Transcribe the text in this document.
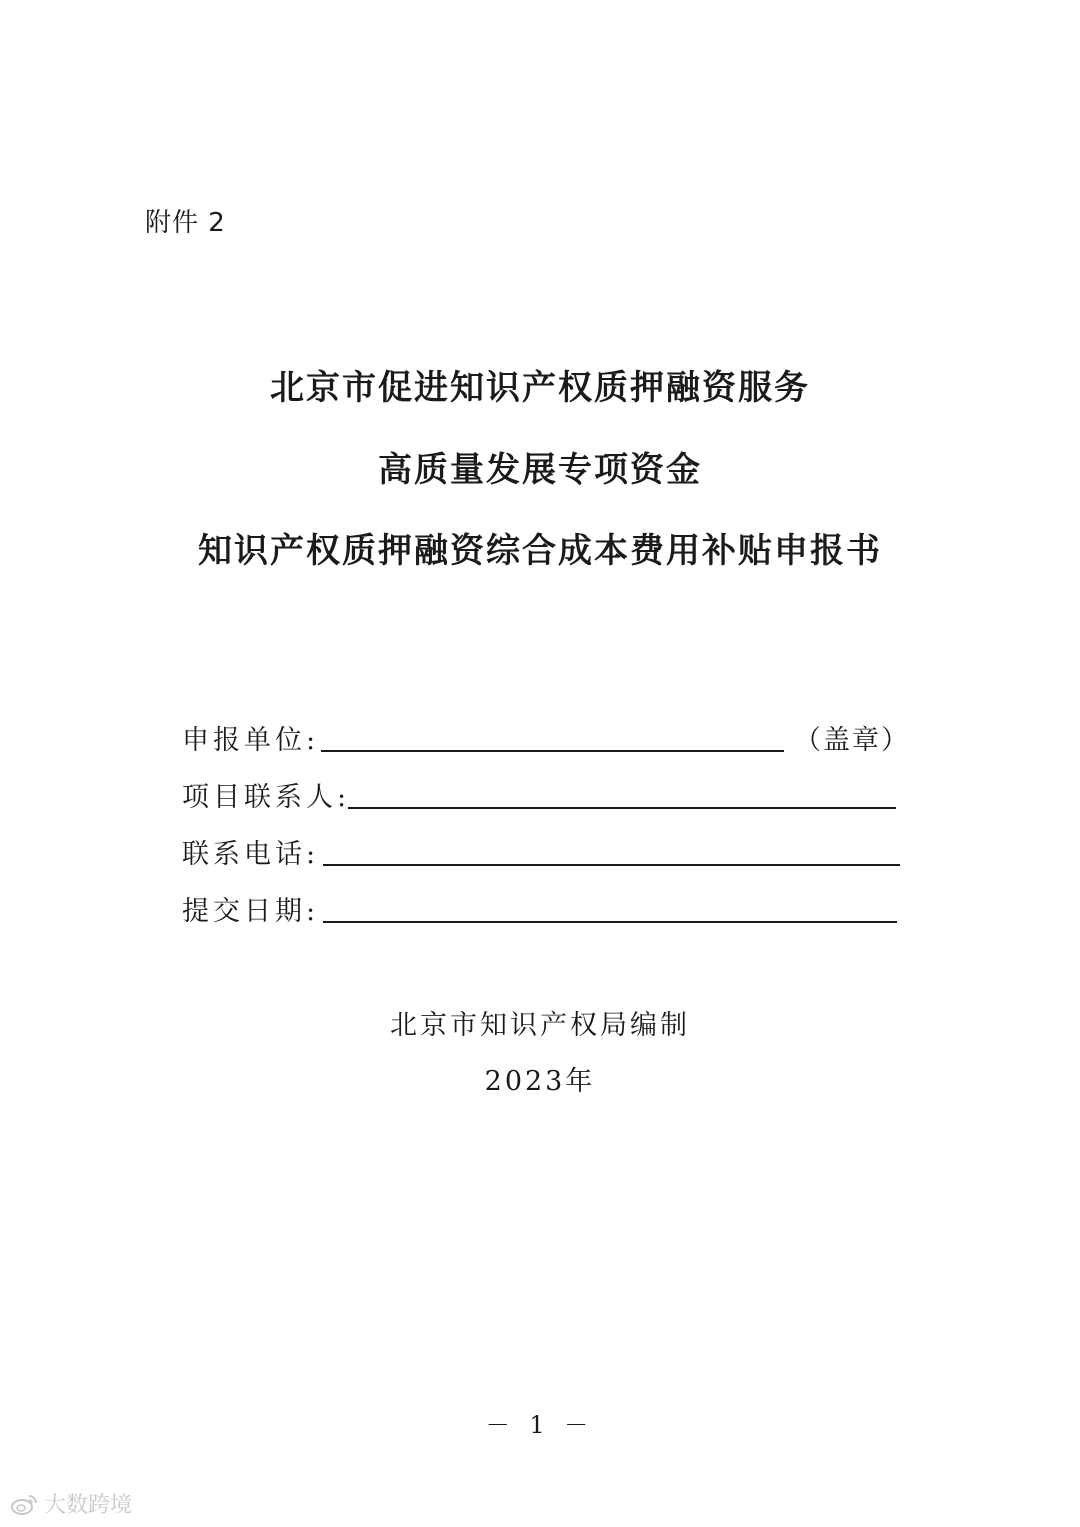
附件 2
北京市促进知识产权质押融资服务
高质量发展专项资金
知识产权质押融资综合成本费用补贴申报书
申报单位:	（盖章）
项目联系人:
联系电话:
提交日期:
北京市知识产权局编制
2023年
－ 1 －
大数跨境
